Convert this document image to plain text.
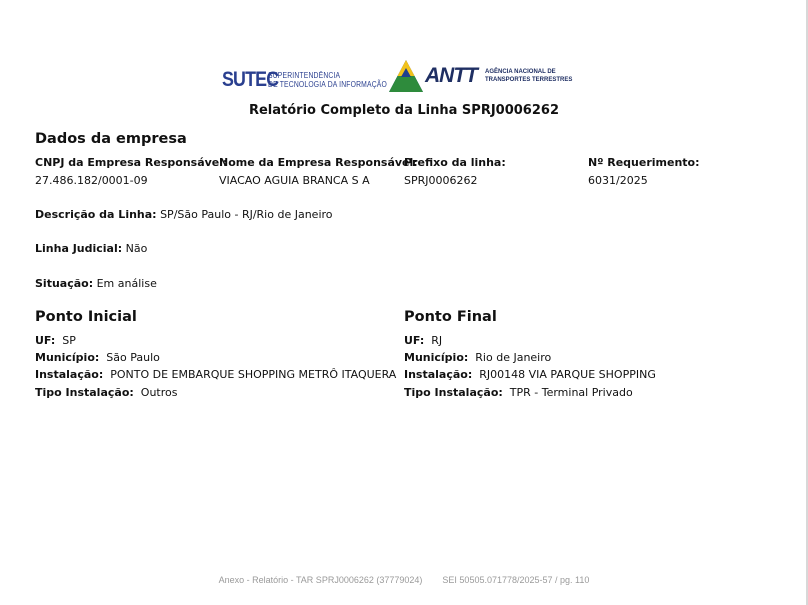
SUTEC
SUPERINTENDÊNCIA
DE TECNOLOGIA DA INFORMAÇÃO ANTT AGÊNCIA NACIONAL DE
TRANSPORTES TERRESTRES
Relatório Completo da Linha SPRJ0006262
Dados da empresa
CNPJ da Empresa Responsável:
27.486.182/0001-09
Nome da Empresa Responsável:
VIACAO AGUIA BRANCA S A
Prefixo da linha:
SPRJ0006262
Nº Requerimento:
6031/2025
Descrição da Linha: SP/São Paulo - RJ/Rio de Janeiro
Linha Judicial: Não
Situação: Em análise
Ponto Inicial
UF: SP
Município: São Paulo
Instalação: PONTO DE EMBARQUE SHOPPING METRÔ ITAQUERA
Tipo Instalação: Outros
Ponto Final
UF: RJ
Município: Rio de Janeiro
Instalação: RJ00148 VIA PARQUE SHOPPING
Tipo Instalação: TPR - Terminal Privado
Anexo - Relatório - TAR SPRJ0006262 (37779024) SEI 50505.071778/2025-57 / pg. 110
